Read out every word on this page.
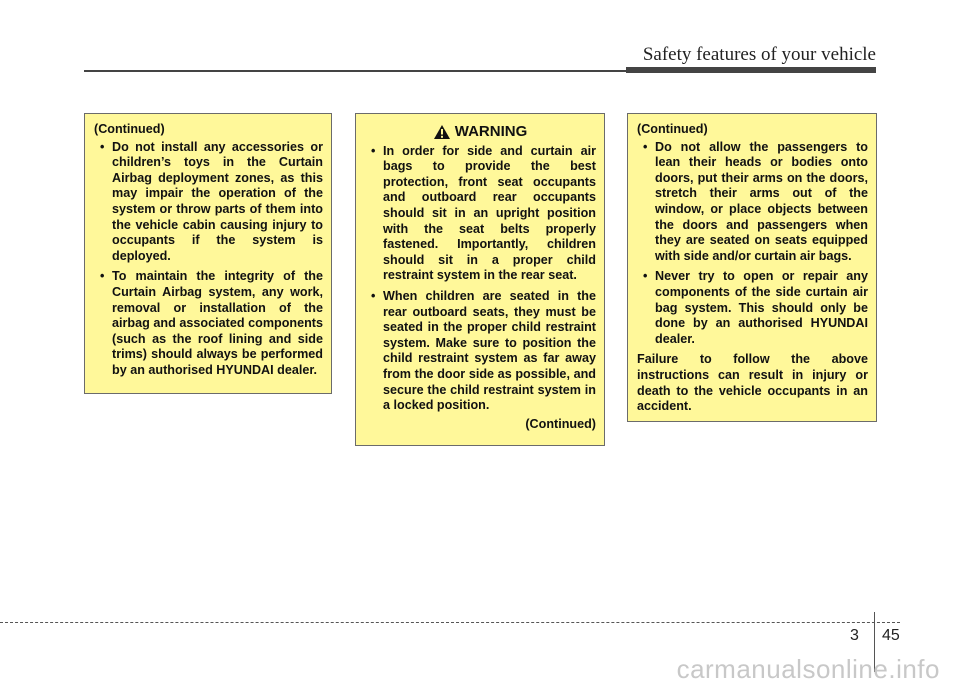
Safety features of your vehicle
(Continued)
• Do not install any accessories or children’s toys in the Curtain Airbag deployment zones, as this may impair the operation of the system or throw parts of them into the vehicle cabin causing injury to occupants if the system is deployed.
• To maintain the integrity of the Curtain Airbag system, any work, removal or installation of the airbag and associated components (such as the roof lining and side trims) should always be performed by an authorised HYUNDAI dealer.
WARNING
• In order for side and curtain air bags to provide the best protection, front seat occupants and outboard rear occupants should sit in an upright position with the seat belts properly fastened. Importantly, children should sit in a proper child restraint system in the rear seat.
• When children are seated in the rear outboard seats, they must be seated in the proper child restraint system. Make sure to position the child restraint system as far away from the door side as possible, and secure the child restraint system in a locked position.
(Continued)
(Continued)
• Do not allow the passengers to lean their heads or bodies onto doors, put their arms on the doors, stretch their arms out of the window, or place objects between the doors and passengers when they are seated on seats equipped with side and/or curtain air bags.
• Never try to open or repair any components of the side curtain air bag system. This should only be done by an authorised HYUNDAI dealer.
Failure to follow the above instructions can result in injury or death to the vehicle occupants in an accident.
3 45
carmanualsonline.info
